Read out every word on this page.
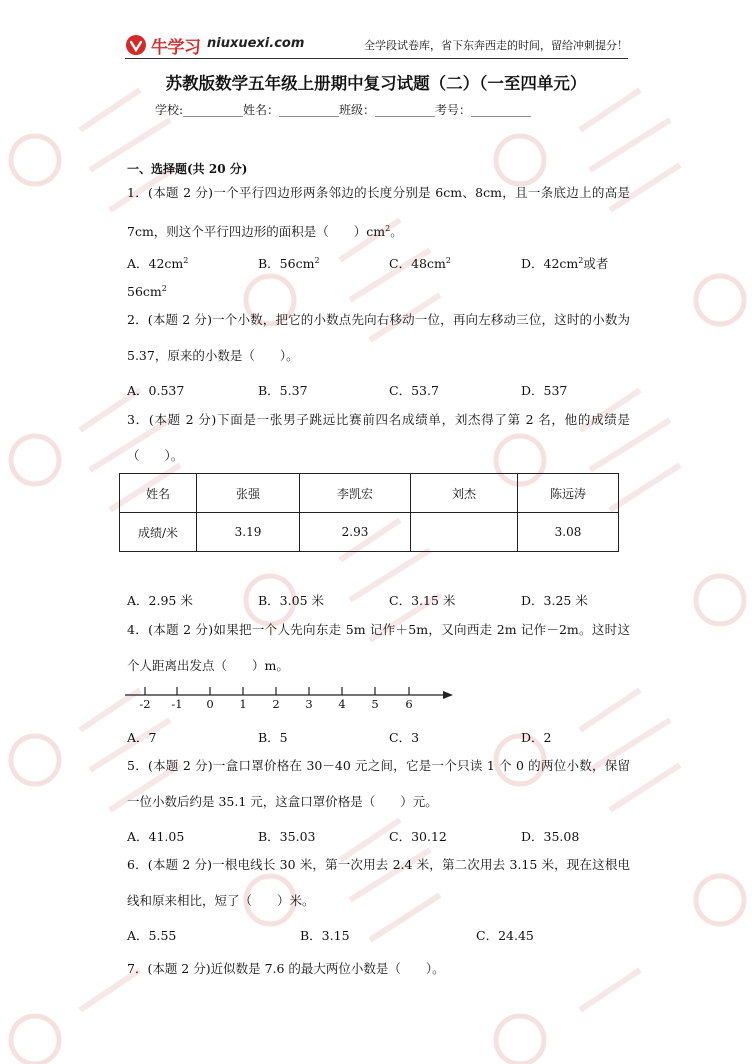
牛学习 niuxuexi.com	全学段试卷库，省下东奔西走的时间，留给冲刺提分！
苏教版数学五年级上册期中复习试题（二）（一至四单元）
学校:__________姓名：__________班级：__________考号：__________
一、选择题(共 20 分)
1．(本题 2 分)一个平行四边形两条邻边的长度分别是 6cm、8cm，且一条底边上的高是 7cm，则这个平行四边形的面积是（　　）$cm^2$。
A．$42cm^2$	B．$56cm^2$	C．$48cm^2$	D．$42cm^2$或者
$56cm^2$
2．(本题 2 分)一个小数，把它的小数点先向右移动一位，再向左移动三位，这时的小数为 5.37，原来的小数是（　　）。
A．0.537	B．5.37	C．53.7	D．537
3．(本题 2 分)下面是一张男子跳远比赛前四名成绩单，刘杰得了第 2 名，他的成绩是（　　）。
姓名	张强	李凯宏	刘杰	陈远涛
成绩/米	3.19	2.93		3.08
A．2.95 米	B．3.05 米	C．3.15 米	D．3.25 米
4．(本题 2 分)如果把一个人先向东走 5m 记作＋5m，又向西走 2m 记作－2m。这时这个人距离出发点（　　）m。
-2 -1 0 1 2 3 4 5 6
A．7	B．5	C．3	D．2
5．(本题 2 分)一盒口罩价格在 30－40 元之间，它是一个只读 1 个 0 的两位小数，保留一位小数后约是 35.1 元，这盒口罩价格是（　　）元。
A．41.05	B．35.03	C．30.12	D．35.08
6．(本题 2 分)一根电线长 30 米，第一次用去 2.4 米，第二次用去 3.15 米，现在这根电线和原来相比，短了（　　）米。
A．5.55	B．3.15	C．24.45
7．(本题 2 分)近似数是 7.6 的最大两位小数是（　　）。
